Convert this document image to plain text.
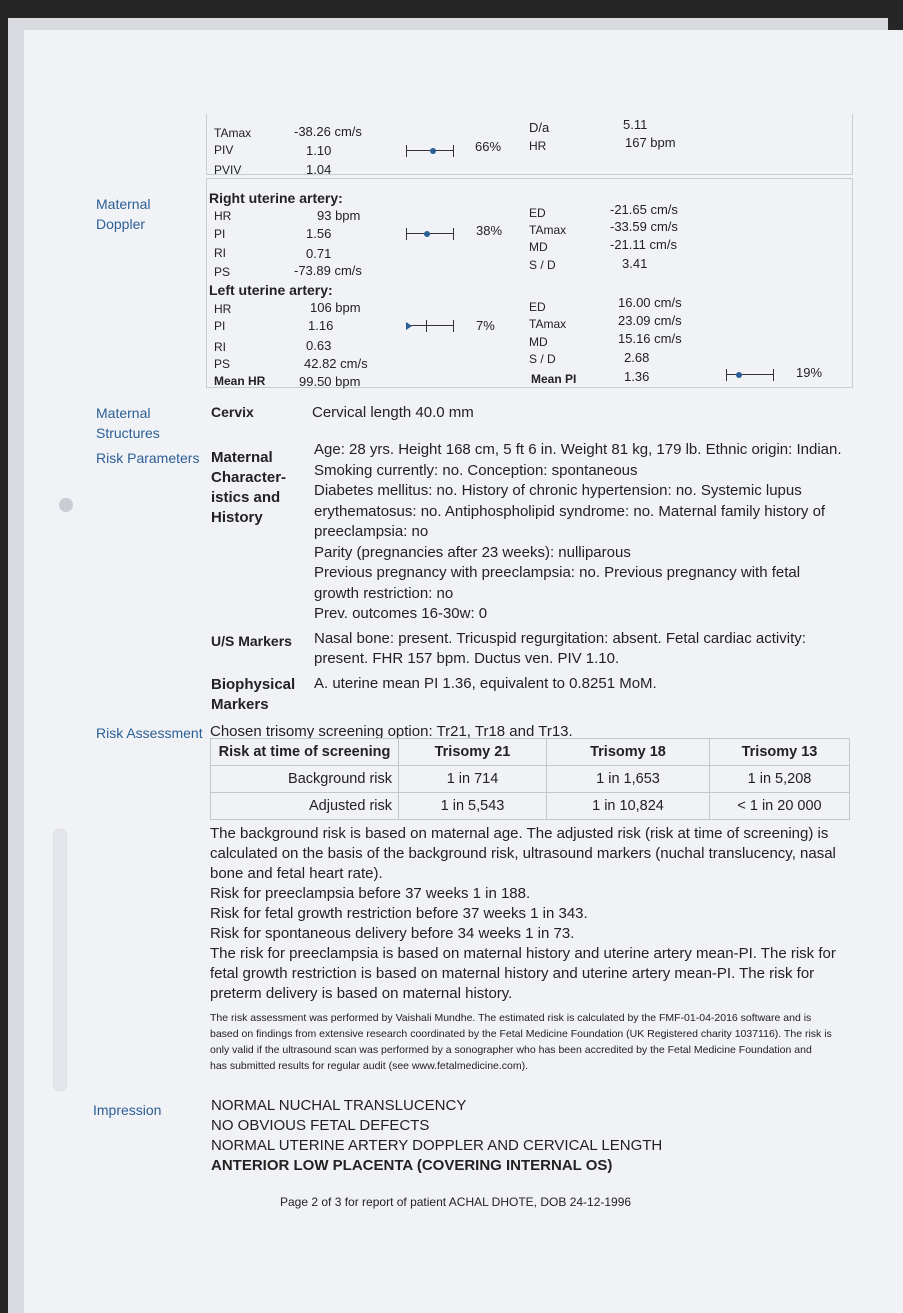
TAmax	-38.26 cm/s
PIV	1.10
PVIV	1.04
66%
D/a	5.11
HR	167 bpm
Maternal Doppler
Right uterine artery:
HR	93 bpm
PI	1.56
RI	0.71
PS	-73.89 cm/s
38%
ED	-21.65 cm/s
TAmax	-33.59 cm/s
MD	-21.11 cm/s
S / D	3.41
Left uterine artery:
HR	106 bpm
PI	1.16
RI	0.63
PS	42.82 cm/s
Mean HR	99.50 bpm
7%
ED	16.00 cm/s
TAmax	23.09 cm/s
MD	15.16 cm/s
S / D	2.68
Mean PI	1.36	19%
Maternal
Structures
Cervix	Cervical length 40.0 mm
Risk Parameters Maternal
Character-
istics and
History
Age: 28 yrs. Height 168 cm, 5 ft 6 in. Weight 81 kg, 179 lb. Ethnic origin: Indian.
Smoking currently: no. Conception: spontaneous
Diabetes mellitus: no. History of chronic hypertension: no. Systemic lupus
erythematosus: no. Antiphospholipid syndrome: no. Maternal family history of
preeclampsia: no
Parity (pregnancies after 23 weeks): nulliparous
Previous pregnancy with preeclampsia: no. Previous pregnancy with fetal
growth restriction: no
Prev. outcomes 16-30w: 0
U/S Markers Nasal bone: present. Tricuspid regurgitation: absent. Fetal cardiac activity:
present. FHR 157 bpm. Ductus ven. PIV 1.10.
Biophysical
Markers
A. uterine mean PI 1.36, equivalent to 0.8251 MoM.
Risk Assessment Chosen trisomy screening option: Tr21, Tr18 and Tr13.
Risk at time of screening	Trisomy 21	Trisomy 18	Trisomy 13
Background risk	1 in 714	1 in 1,653	1 in 5,208
Adjusted risk	1 in 5,543	1 in 10,824	< 1 in 20 000
The background risk is based on maternal age. The adjusted risk (risk at time of screening) is
calculated on the basis of the background risk, ultrasound markers (nuchal translucency, nasal
bone and fetal heart rate).
Risk for preeclampsia before 37 weeks 1 in 188.
Risk for fetal growth restriction before 37 weeks 1 in 343.
Risk for spontaneous delivery before 34 weeks 1 in 73.
The risk for preeclampsia is based on maternal history and uterine artery mean-PI. The risk for
fetal growth restriction is based on maternal history and uterine artery mean-PI. The risk for
preterm delivery is based on maternal history.
The risk assessment was performed by Vaishali Mundhe. The estimated risk is calculated by the FMF-01-04-2016 software and is
based on findings from extensive research coordinated by the Fetal Medicine Foundation (UK Registered charity 1037116). The risk is
only valid if the ultrasound scan was performed by a sonographer who has been accredited by the Fetal Medicine Foundation and
has submitted results for regular audit (see www.fetalmedicine.com).
Impression	NORMAL NUCHAL TRANSLUCENCY
NO OBVIOUS FETAL DEFECTS
NORMAL UTERINE ARTERY DOPPLER AND CERVICAL LENGTH
ANTERIOR LOW PLACENTA (COVERING INTERNAL OS)
Page 2 of 3 for report of patient ACHAL DHOTE, DOB 24-12-1996
